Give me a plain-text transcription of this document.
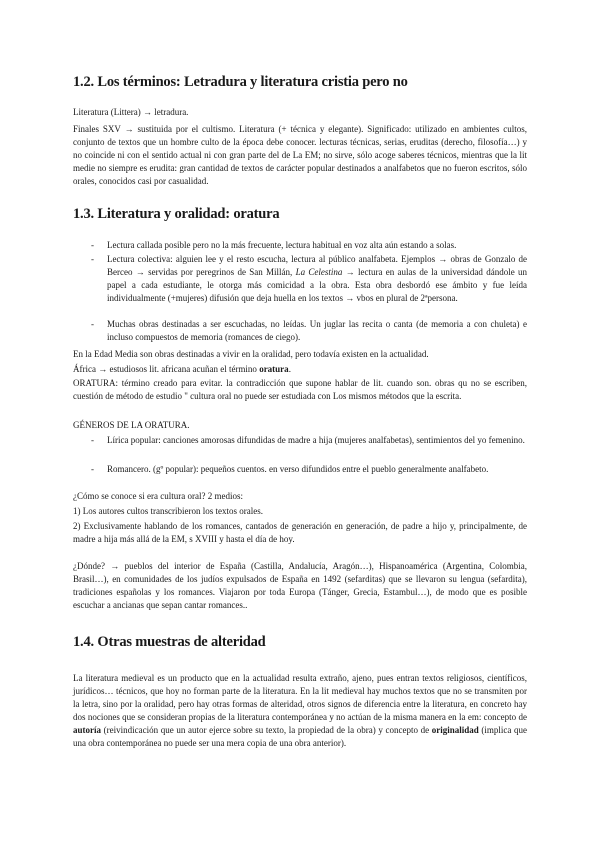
1.2. Los términos: Letradura y literatura cristia pero no

Literatura (Littera) → letradura.

Finales SXV → sustituida por el cultismo. Literatura (+ técnica y elegante). Significado: utilizado en ambientes cultos, conjunto de textos que un hombre culto de la época debe conocer. lecturas técnicas, serias, eruditas (derecho, filosofía…) y no coincide ni con el sentido actual ni con gran parte del de La EM; no sirve, sólo acoge saberes técnicos, mientras que la lit medie no siempre es erudita: gran cantidad de textos de carácter popular destinados a analfabetos que no fueron escritos, sólo orales, conocidos casi por casualidad.

1.3. Literatura y oralidad: oratura
- Lectura callada posible pero no la más frecuente, lectura habitual en voz alta aún estando a solas.

- Lectura colectiva: alguien lee y el resto escucha, lectura al público analfabeta. Ejemplos → obras de Gonzalo de Berceo → servidas por peregrinos de San Millán, La Celestina → lectura en aulas de la universidad dándole un papel a cada estudiante, le otorga más comicidad a la obra. Esta obra desbordó ese ámbito y fue leída individualmente (+mujeres) difusión que deja huella en los textos → vbos en plural de 2ªpersona.

- Muchas obras destinadas a ser escuchadas, no leídas. Un juglar las recita o canta (de memoria a con chuleta) e incluso compuestos de memoria (romances de ciego).

En la Edad Media son obras destinadas a vivir en la oralidad, pero todavía existen en la actualidad.

África → estudiosos lit. africana acuñan el término oratura.

ORATURA: término creado para evitar. la contradicción que supone hablar de lit. cuando son. obras qu no se escriben, cuestión de método de estudio " cultura oral no puede ser estudiada con Los mismos métodos que la escrita.

GÉNEROS DE LA ORATURA.

- Lírica popular: canciones amorosas difundidas de madre a hija (mujeres analfabetas), sentimientos del yo femenino.

- Romancero. (gº popular): pequeños cuentos. en verso difundidos entre el pueblo generalmente analfabeto.

¿Cómo se conoce si era cultura oral? 2 medios:

1) Los autores cultos transcribieron los textos orales.

2) Exclusivamente hablando de los romances, cantados de generación en generación, de padre a hijo y, principalmente, de madre a hija más allá de la EM, s XVIII y hasta el día de hoy.

¿Dónde? → pueblos del interior de España (Castilla, Andalucía, Aragón…), Hispanoamérica (Argentina, Colombia, Brasil…), en comunidades de los judíos expulsados de España en 1492 (sefarditas) que se llevaron su lengua (sefardita), tradiciones españolas y los romances. Viajaron por toda Europa (Tánger, Grecia, Estambul…), de modo que es posible escuchar a ancianas que sepan cantar romances..

1.4. Otras muestras de alteridad

La literatura medieval es un producto que en la actualidad resulta extraño, ajeno, pues entran textos religiosos, científicos, jurídicos… técnicos, que hoy no forman parte de la literatura. En la lit medieval hay muchos textos que no se transmiten por la letra, sino por la oralidad, pero hay otras formas de alteridad, otros signos de diferencia entre la literatura, en concreto hay dos nociones que se consideran propias de la literatura contemporánea y no actúan de la misma manera en la em: concepto de autoría (reivindicación que un autor ejerce sobre su texto, la propiedad de la obra) y concepto de originalidad (implica que una obra contemporánea no puede ser una mera copia de una obra anterior).
